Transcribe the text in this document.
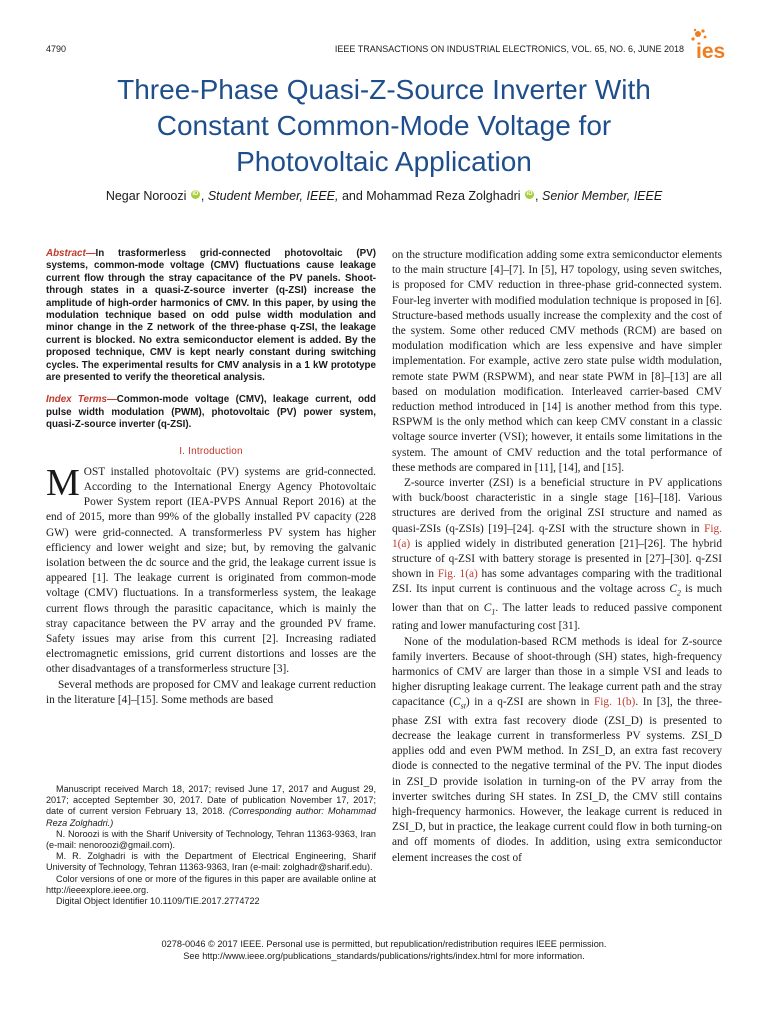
4790	IEEE TRANSACTIONS ON INDUSTRIAL ELECTRONICS, VOL. 65, NO. 6, JUNE 2018 ies
Three-Phase Quasi-Z-Source Inverter With
Constant Common-Mode Voltage for
Photovoltaic Application
Negar Noroozi iD , Student Member, IEEE, and Mohammad Reza Zolghadri iD , Senior Member, IEEE

Abstract—In trasformerless grid-connected photovoltaic (PV) systems, common-mode voltage (CMV) fluctuations cause leakage current flow through the stray capacitance of the PV panels. Shoot-through states in a quasi-Z-source inverter (q-ZSI) increase the amplitude of high-order harmonics of CMV. In this paper, by using the modulation technique based on odd pulse width modulation and minor change in the Z network of the three-phase q-ZSI, the leakage current is blocked. No extra semiconductor element is added. By the proposed technique, CMV is kept nearly constant during switching cycles. The experimental results for CMV analysis in a 1 kW prototype are presented to verify the theoretical analysis.

Index Terms—Common-mode voltage (CMV), leakage current, odd pulse width modulation (PWM), photovoltaic (PV) power system, quasi-Z-source inverter (q-ZSI).

I. Introduction

MOST installed photovoltaic (PV) systems are grid-connected. According to the International Energy Agency Photovoltaic Power System report (IEA-PVPS Annual Report 2016) at the end of 2015, more than 99% of the globally installed PV capacity (228 GW) were grid-connected. A transformerless PV system has higher efficiency and lower weight and size; but, by removing the galvanic isolation between the dc source and the grid, the leakage current issue is appeared [1]. The leakage current is originated from common-mode voltage (CMV) fluctuations. In a transformerless system, the leakage current flows through the parasitic capacitance, which is mainly the stray capacitance between the PV array and the grounded PV frame. Safety issues may arise from this current [2]. Increasing radiated electromagnetic emissions, grid current distortions and losses are the other disadvantages of a transformerless structure [3].

Several methods are proposed for CMV and leakage current reduction in the literature [4]–[15]. Some methods are based

on the structure modification adding some extra semiconductor elements to the main structure [4]–[7]. In [5], H7 topology, using seven switches, is proposed for CMV reduction in three-phase grid-connected system. Four-leg inverter with modified modulation technique is proposed in [6]. Structure-based methods usually increase the complexity and the cost of the system. Some other reduced CMV methods (RCM) are based on modulation modification which are less expensive and have simpler implementation. For example, active zero state pulse width modulation, remote state PWM (RSPWM), and near state PWM in [8]–[13] are all based on modulation modification. Interleaved carrier-based CMV reduction method introduced in [14] is another method from this type. RSPWM is the only method which can keep CMV constant in a classic voltage source inverter (VSI); however, it entails some limitations in the system. The amount of CMV reduction and the total performance of these methods are compared in [11], [14], and [15].

Z-source inverter (ZSI) is a beneficial structure in PV applications with buck/boost characteristic in a single stage [16]–[18]. Various structures are derived from the original ZSI structure and named as quasi-ZSIs (q-ZSIs) [19]–[24]. q-ZSI with the structure shown in Fig. 1(a) is applied widely in distributed generation [21]–[26]. The hybrid structure of q-ZSI with battery storage is presented in [27]–[30]. q-ZSI shown in Fig. 1(a) has some advantages comparing with the traditional ZSI. Its input current is continuous and the voltage across $C_2$ is much lower than that on $C_1$. The latter leads to reduced passive component rating and lower manufacturing cost [31].

None of the modulation-based RCM methods is ideal for Z-source family inverters. Because of shoot-through (SH) states, high-frequency harmonics of CMV are larger than those in a simple VSI and leads to higher disrupting leakage current. The leakage current path and the stray capacitance $(C_{st})$ in a q-ZSI are shown in Fig. 1(b). In [3], the three-phase ZSI with extra fast recovery diode (ZSI_D) is presented to decrease the leakage current in transformerless PV systems. ZSI_D applies odd and even PWM method. In ZSI_D, an extra fast recovery diode is connected to the negative terminal of the PV. The input diodes in ZSI_D provide isolation in turning-on of the PV array from the inverter switches during SH states. In ZSI_D, the CMV still contains high-frequency harmonics. However, the leakage current is reduced in ZSI_D, but in practice, the leakage current could flow in both turning-on and off moments of diodes. In addition, using extra semiconductor element increases the cost of

Manuscript received March 18, 2017; revised June 17, 2017 and August 29, 2017; accepted September 30, 2017. Date of publication November 17, 2017; date of current version February 13, 2018. (Corresponding author: Mohammad Reza Zolghadri.)

N. Noroozi is with the Sharif University of Technology, Tehran 11363-9363, Iran (e-mail: nenoroozi@gmail.com).

M. R. Zolghadri is with the Department of Electrical Engineering, Sharif University of Technology, Tehran 11363-9363, Iran (e-mail: zolghadr@sharif.edu).

Color versions of one or more of the figures in this paper are available online at http://ieeexplore.ieee.org.

Digital Object Identifier 10.1109/TIE.2017.2774722

0278-0046 © 2017 IEEE. Personal use is permitted, but republication/redistribution requires IEEE permission.
See http://www.ieee.org/publications_standards/publications/rights/index.html for more information.
